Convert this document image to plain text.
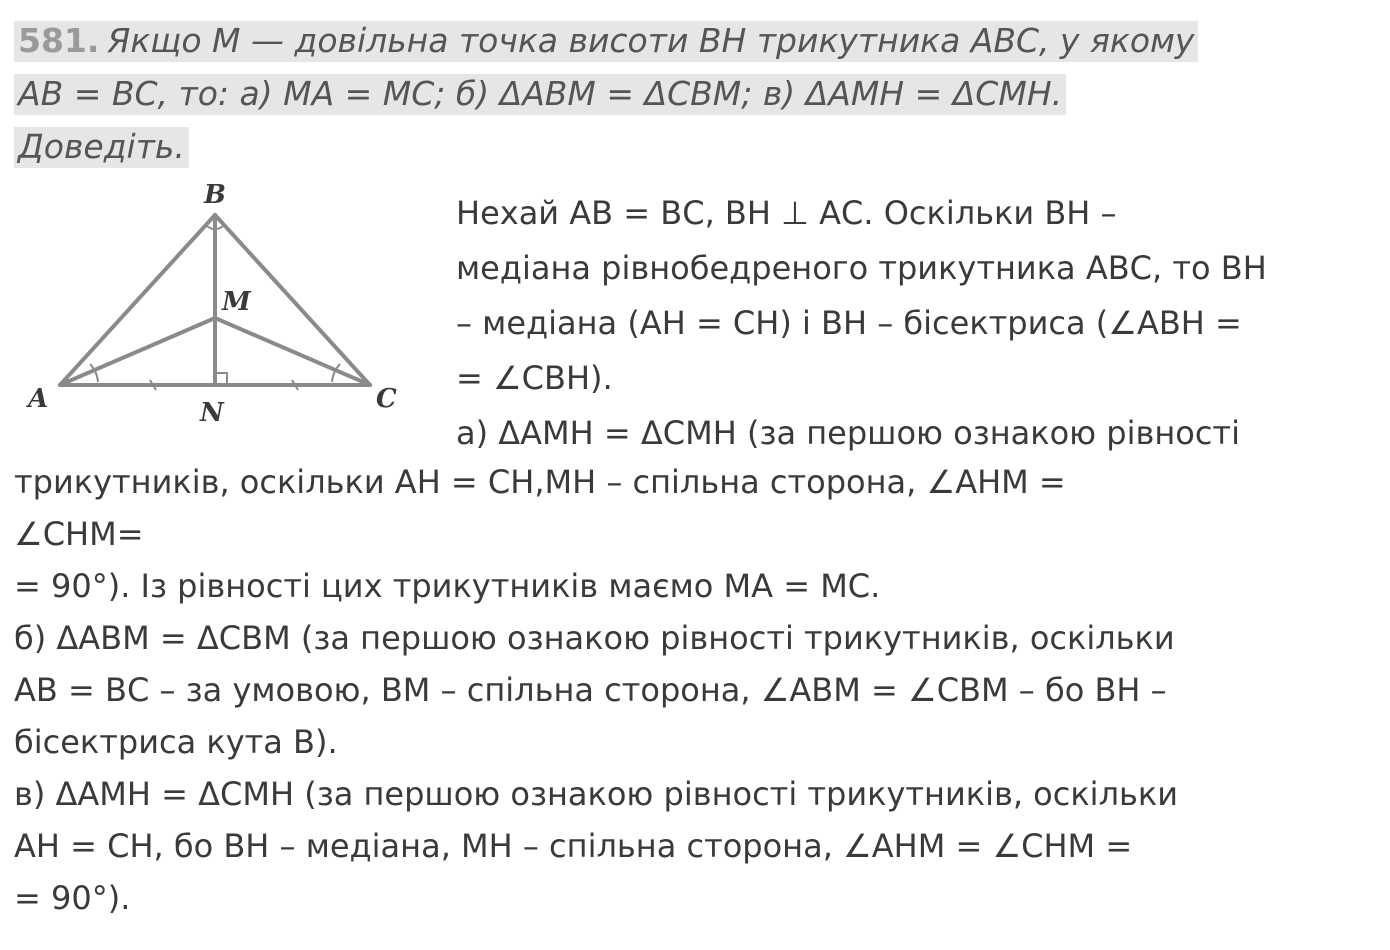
581. Якщо М — довільна точка висоти ВН трикутника АВС, у якому
АВ = ВС, то: а) МА = МС; б) ΔАВМ = ΔСВМ; в) ΔАМН = ΔСМН.
Доведіть.
B
M
A	C
N
Нехай АВ = ВС, ВН ⊥ АС. Оскільки ВН –
медіана рівнобедреного трикутника АВС, то ВН
– медіана (АН = СН) і ВН – бісектриса (∠АВН =
= ∠СВН).
а) ΔАМН = ΔСМН (за першою ознакою рівності
трикутників, оскільки АН = СН,МН – спільна сторона, ∠АНМ =
∠СНМ=
= 90°). Із рівності цих трикутників маємо МА = МС.
б) ΔАВМ = ΔСВМ (за першою ознакою рівності трикутників, оскільки
АВ = ВС – за умовою, ВМ – спільна сторона, ∠АВМ = ∠СВМ – бо ВН –
бісектриса кута В).
в) ΔАМН = ΔСМН (за першою ознакою рівності трикутників, оскільки
АН = СН, бо ВН – медіана, МН – спільна сторона, ∠АНМ = ∠СНМ =
= 90°).
